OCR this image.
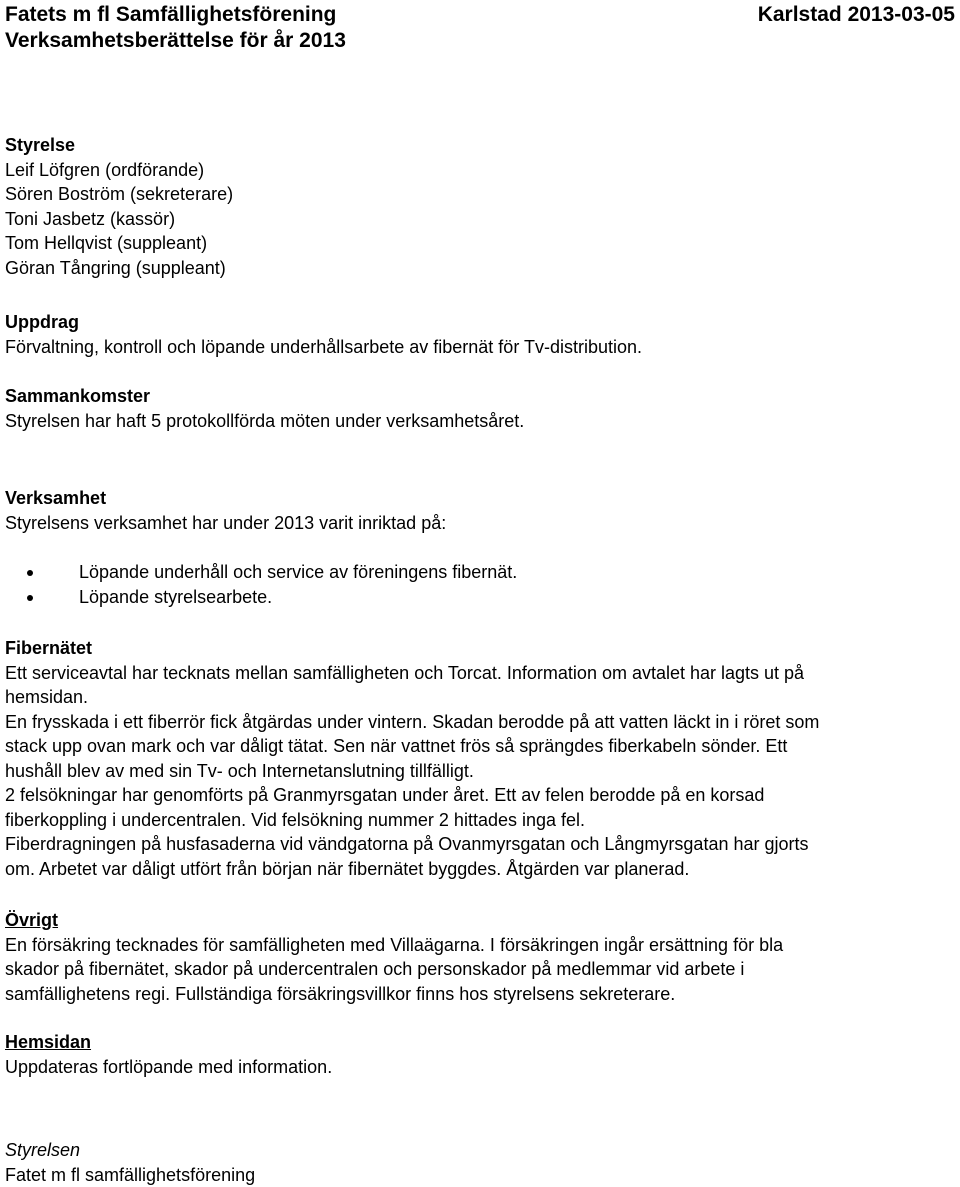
Fatets m fl Samfällighetsförening
Verksamhetsberättelse för år 2013
Karlstad 2013-03-05
Styrelse
Leif Löfgren (ordförande)
Sören Boström (sekreterare)
Toni Jasbetz (kassör)
Tom Hellqvist (suppleant)
Göran Tångring (suppleant)
Uppdrag
Förvaltning, kontroll och löpande underhållsarbete av fibernät för Tv-distribution.
Sammankomster
Styrelsen har haft 5 protokollförda möten under verksamhetsåret.
Verksamhet
Styrelsens verksamhet har under 2013 varit inriktad på:
Löpande underhåll och service av föreningens fibernät.
Löpande styrelsearbete.
Fibernätet
Ett serviceavtal har tecknats mellan samfälligheten och Torcat. Information om avtalet har lagts ut på
hemsidan.
En frysskada i ett fiberrör fick åtgärdas under vintern. Skadan berodde på att vatten läckt in i röret som
stack upp ovan mark och var dåligt tätat. Sen när vattnet frös så sprängdes fiberkabeln sönder. Ett
hushåll blev av med sin Tv- och Internetanslutning tillfälligt.
2 felsökningar har genomförts på Granmyrsgatan under året. Ett av felen berodde på en korsad
fiberkoppling i undercentralen. Vid felsökning nummer 2 hittades inga fel.
Fiberdragningen på husfasaderna vid vändgatorna på Ovanmyrsgatan och Långmyrsgatan har gjorts
om. Arbetet var dåligt utfört från början när fibernätet byggdes. Åtgärden var planerad.
Övrigt
En försäkring tecknades för samfälligheten med Villaägarna. I försäkringen ingår ersättning för bla
skador på fibernätet, skador på undercentralen och personskador på medlemmar vid arbete i
samfällighetens regi. Fullständiga försäkringsvillkor finns hos styrelsens sekreterare.
Hemsidan
Uppdateras fortlöpande med information.
Styrelsen
Fatet m fl samfällighetsförening
